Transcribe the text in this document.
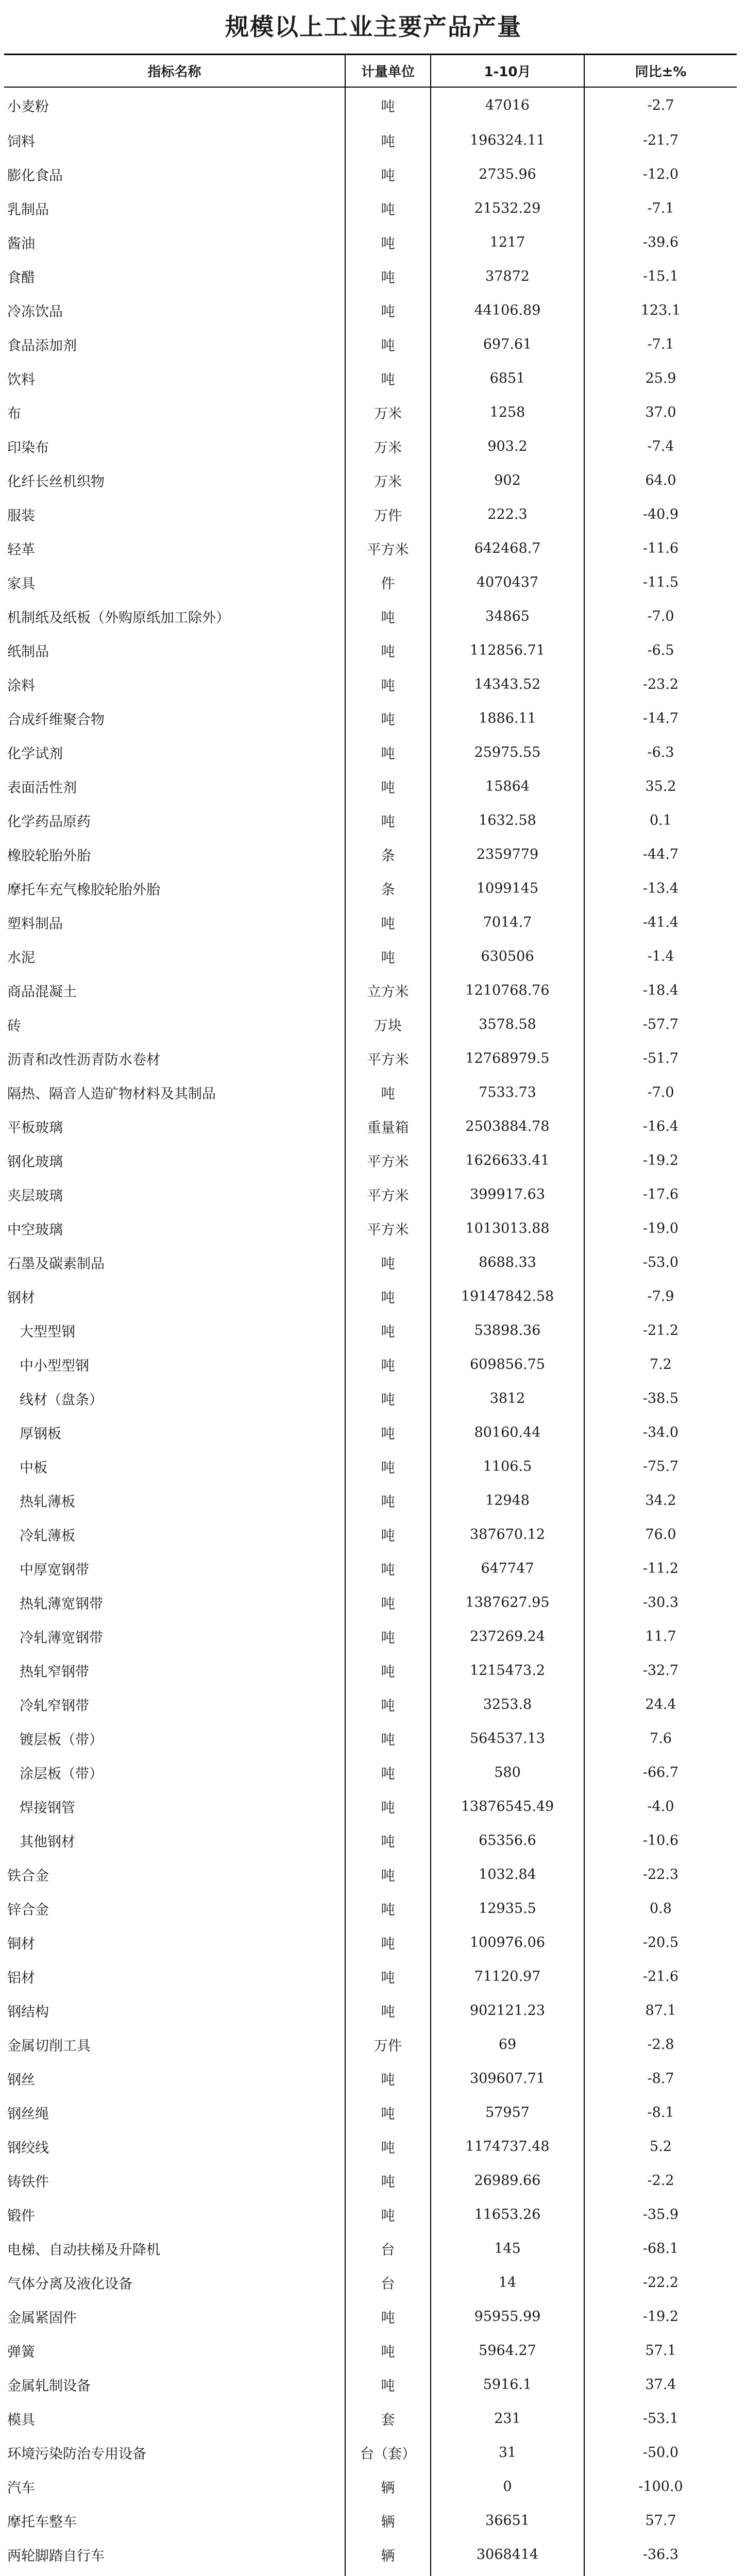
规模以上工业主要产品产量
指标名称	计量单位	1-10月	同比±%
小麦粉	吨	47016	-2.7
饲料	吨	196324.11	-21.7
膨化食品	吨	2735.96	-12.0
乳制品	吨	21532.29	-7.1
酱油	吨	1217	-39.6
食醋	吨	37872	-15.1
冷冻饮品	吨	44106.89	123.1
食品添加剂	吨	697.61	-7.1
饮料	吨	6851	25.9
布	万米	1258	37.0
印染布	万米	903.2	-7.4
化纤长丝机织物	万米	902	64.0
服装	万件	222.3	-40.9
轻革	平方米	642468.7	-11.6
家具	件	4070437	-11.5
机制纸及纸板（外购原纸加工除外）	吨	34865	-7.0
纸制品	吨	112856.71	-6.5
涂料	吨	14343.52	-23.2
合成纤维聚合物	吨	1886.11	-14.7
化学试剂	吨	25975.55	-6.3
表面活性剂	吨	15864	35.2
化学药品原药	吨	1632.58	0.1
橡胶轮胎外胎	条	2359779	-44.7
摩托车充气橡胶轮胎外胎	条	1099145	-13.4
塑料制品	吨	7014.7	-41.4
水泥	吨	630506	-1.4
商品混凝土	立方米	1210768.76	-18.4
砖	万块	3578.58	-57.7
沥青和改性沥青防水卷材	平方米	12768979.5	-51.7
隔热、隔音人造矿物材料及其制品	吨	7533.73	-7.0
平板玻璃	重量箱	2503884.78	-16.4
钢化玻璃	平方米	1626633.41	-19.2
夹层玻璃	平方米	399917.63	-17.6
中空玻璃	平方米	1013013.88	-19.0
石墨及碳素制品	吨	8688.33	-53.0
钢材	吨	19147842.58	-7.9
大型型钢	吨	53898.36	-21.2
中小型型钢	吨	609856.75	7.2
线材（盘条）	吨	3812	-38.5
厚钢板	吨	80160.44	-34.0
中板	吨	1106.5	-75.7
热轧薄板	吨	12948	34.2
冷轧薄板	吨	387670.12	76.0
中厚宽钢带	吨	647747	-11.2
热轧薄宽钢带	吨	1387627.95	-30.3
冷轧薄宽钢带	吨	237269.24	11.7
热轧窄钢带	吨	1215473.2	-32.7
冷轧窄钢带	吨	3253.8	24.4
镀层板（带）	吨	564537.13	7.6
涂层板（带）	吨	580	-66.7
焊接钢管	吨	13876545.49	-4.0
其他钢材	吨	65356.6	-10.6
铁合金	吨	1032.84	-22.3
锌合金	吨	12935.5	0.8
铜材	吨	100976.06	-20.5
铝材	吨	71120.97	-21.6
钢结构	吨	902121.23	87.1
金属切削工具	万件	69	-2.8
钢丝	吨	309607.71	-8.7
钢丝绳	吨	57957	-8.1
钢绞线	吨	1174737.48	5.2
铸铁件	吨	26989.66	-2.2
锻件	吨	11653.26	-35.9
电梯、自动扶梯及升降机	台	145	-68.1
气体分离及液化设备	台	14	-22.2
金属紧固件	吨	95955.99	-19.2
弹簧	吨	5964.27	57.1
金属轧制设备	吨	5916.1	37.4
模具	套	231	-53.1
环境污染防治专用设备	台（套）	31	-50.0
汽车	辆	0	-100.0
摩托车整车	辆	36651	57.7
两轮脚踏自行车	辆	3068414	-36.3
